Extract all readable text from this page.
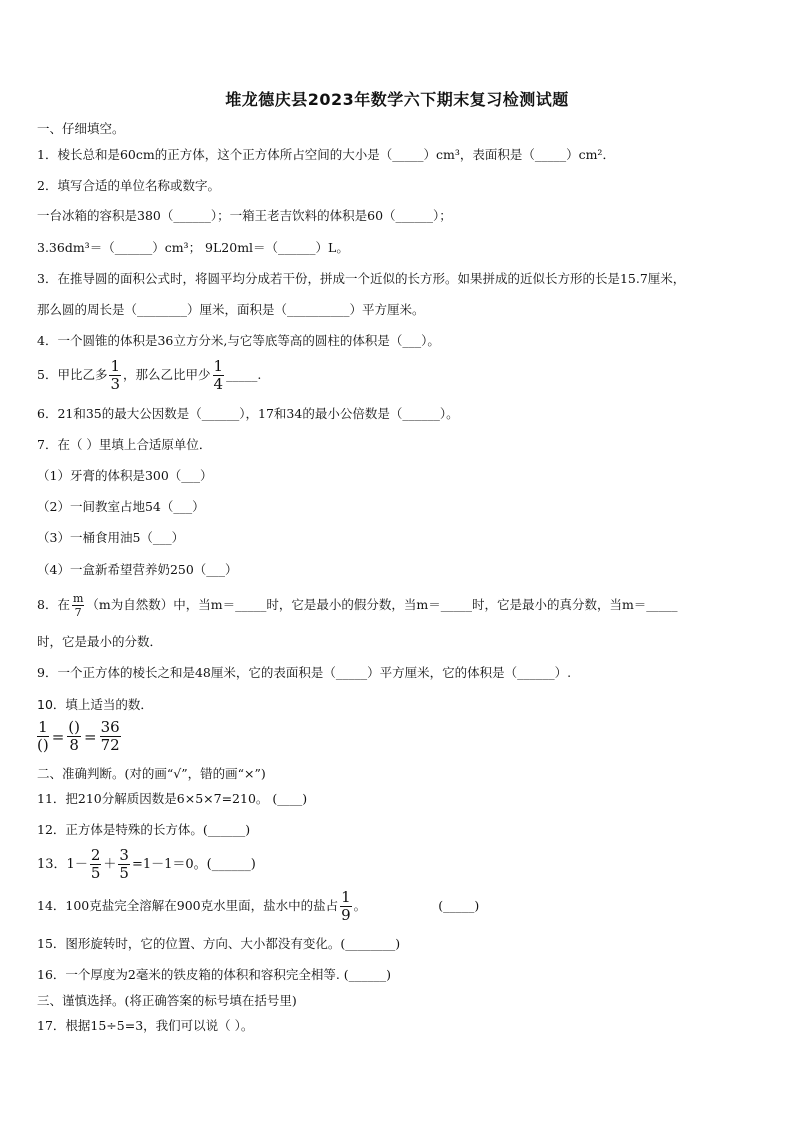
堆龙德庆县2023年数学六下期末复习检测试题
一、仔细填空。
1．棱长总和是60cm的正方体，这个正方体所占空间的大小是（_____）cm³，表面积是（_____）cm²．
2．填写合适的单位名称或数字。
一台冰箱的容积是380（______）；一箱王老吉饮料的体积是60（______）；
3.36dm³＝（______）cm³； 9L20ml＝（______）L。
3．在推导圆的面积公式时，将圆平均分成若干份，拼成一个近似的长方形。如果拼成的近似长方形的长是15.7厘米，
那么圆的周长是（________）厘米，面积是（__________）平方厘米。
4．一个圆锥的体积是36立方分米,与它等底等高的圆柱的体积是（___）。
5．甲比乙多 $\frac{1}{3}$ ，那么乙比甲少 $\frac{1}{4}$ _____.
6．21和35的最大公因数是（______），17和34的最小公倍数是（______）。
7．在（ ）里填上合适原单位．
（1）牙膏的体积是300（___）
（2）一间教室占地54（___）
（3）一桶食用油5（___）
（4）一盒新希望营养奶250（___）
8．在 $\frac{m}{7} (m$为自然数）中，当m＝_____时，它是最小的假分数，当m＝_____时，它是最小的真分数，当m＝_____
时，它是最小的分数．
9．一个正方体的棱长之和是48厘米，它的表面积是（_____）平方厘米，它的体积是（______）.
10．填上适当的数．
$\frac{1}{()} = \frac{()}{8} = \frac{36}{72}$
二、准确判断。(对的画“√”，错的画“×”)
11．把210分解质因数是6×5×7=210。 (____)
12．正方体是特殊的长方体。(______)
13．$1- \frac{2}{5} + \frac{3}{5} =1-1=0$。(______)
14．100克盐完全溶解在900克水里面，盐水中的盐占 $\frac{1}{9}$ 。	(_____)
15．图形旋转时，它的位置、方向、大小都没有变化。(________)
16．一个厚度为2毫米的铁皮箱的体积和容积完全相等. (______)
三、谨慎选择。(将正确答案的标号填在括号里)
17．根据15÷5=3，我们可以说（ ）。
